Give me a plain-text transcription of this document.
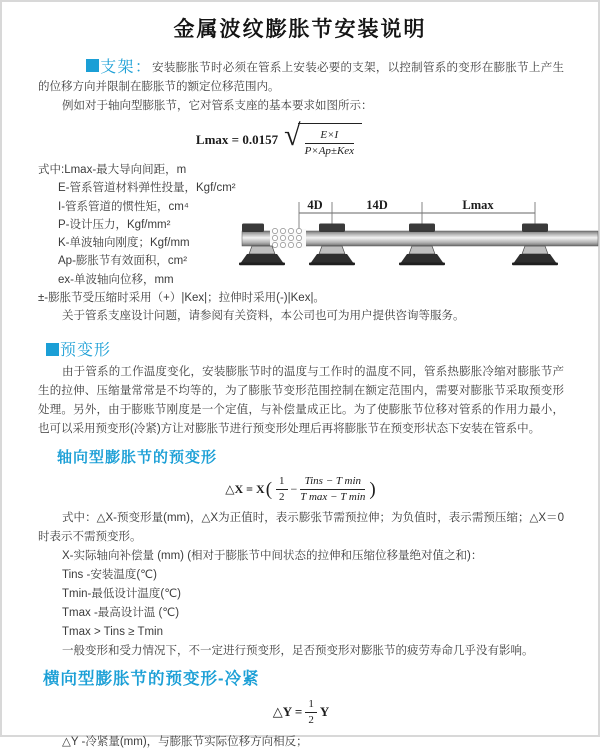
金属波纹膨胀节安装说明

支架：安装膨胀节时必须在管系上安装必要的支架，以控制管系的变形在膨胀节上产生的位移方向并限制在膨胀节的额定位移范围内。

例如对于轴向型膨胀节，它对管系支座的基本要求如图所示：

Lmax = 0.0157 √ $\frac{E\times I}{\text{P×Ap±Kex}}$
式中:Lmax-最大导向间距，m
E-管系管道材料弹性投量，Kgf/cm²
I-管系管道的惯性矩，cm⁴
P-设计压力，Kgf/mm²
K-单波轴向刚度；Kgf/mm
Ap-膨胀节有效面积，cm²
ex-单波轴向位移，mm
±-膨胀节受压缩时采用（+）|Kex|；拉伸时采用(-)|Kex|。

关于管系支座设计问题，请参阅有关资料，本公司也可为用户提供咨询等服务。

预变形

由于管系的工作温度变化，安装膨胀节时的温度与工作时的温度不同，管系热膨胀冷缩对膨胀节产生的拉伸、压缩量常常是不均等的，为了膨胀节变形范围控制在额定范围内，需要对膨胀节采取预变形处理。另外，由于膨账节刚度是一个定值，与补偿量成正比。为了使膨胀节位移对管系的作用力最小，也可以采用预变形(冷紧)方让对膨胀节进行预变形处理后再将膨胀节在预变形状态下安装在管系中。

轴向型膨胀节的预变形
△X = X ( $\frac{1}{2} - \frac{\text{Tins − T min}}{\text{T max − T min}}$ )

式中：△X-预变形量(mm)，△X为正值时，表示膨张节需预拉伸；为负值时，表示需预压缩；△X＝0时表示不需预变形。

X-实际轴向补偿量 (mm) (相对于膨胀节中间状态的拉伸和压缩位移量绝对值之和)：
Tins -安装温度(℃)
Tmin-最低设计温度(℃)
Tmax -最高设计温 (℃)
Tmax > Tins ≥ Tmin

一般变形和受力情况下，不一定进行预变形，足否预变形对膨胀节的疲劳寿命几乎没有影响。

横向型膨胀节的预变形-冷紧
△Y = $\frac{1}{2}$ Y

△Y -冷紧量(mm)，与膨胀节实际位移方向相反；

4D	14D	Lmax
